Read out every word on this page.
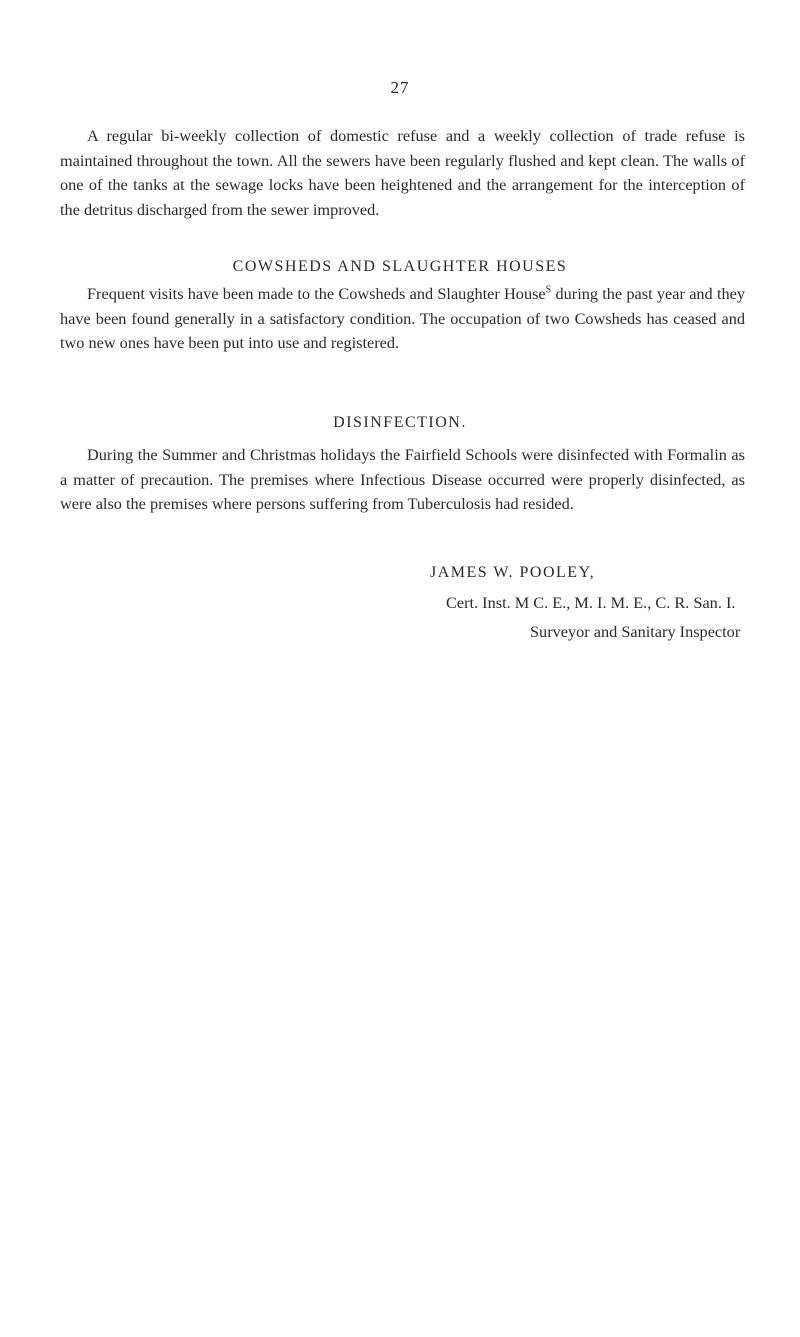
27

A regular bi-weekly collection of domestic refuse and a weekly collection of trade refuse is maintained throughout the town. All the sewers have been regularly flushed and kept clean. The walls of one of the tanks at the sewage locks have been heightened and the arrangement for the interception of the detritus discharged from the sewer improved.

COWSHEDS AND SLAUGHTER HOUSES

Frequent visits have been made to the Cowsheds and Slaughter House$^S$ during the past year and they have been found generally in a satisfactory condition. The occupation of two Cowsheds has ceased and two new ones have been put into use and registered.

DISINFECTION.

During the Summer and Christmas holidays the Fairfield Schools were disinfected with Formalin as a matter of precaution. The premises where Infectious Disease occurred were properly disinfected, as were also the premises where persons suffering from Tuberculosis had resided.

JAMES W. POOLEY,
Cert. Inst. M C. E., M. I. M. E., C. R. San. I.
Surveyor and Sanitary Inspector
